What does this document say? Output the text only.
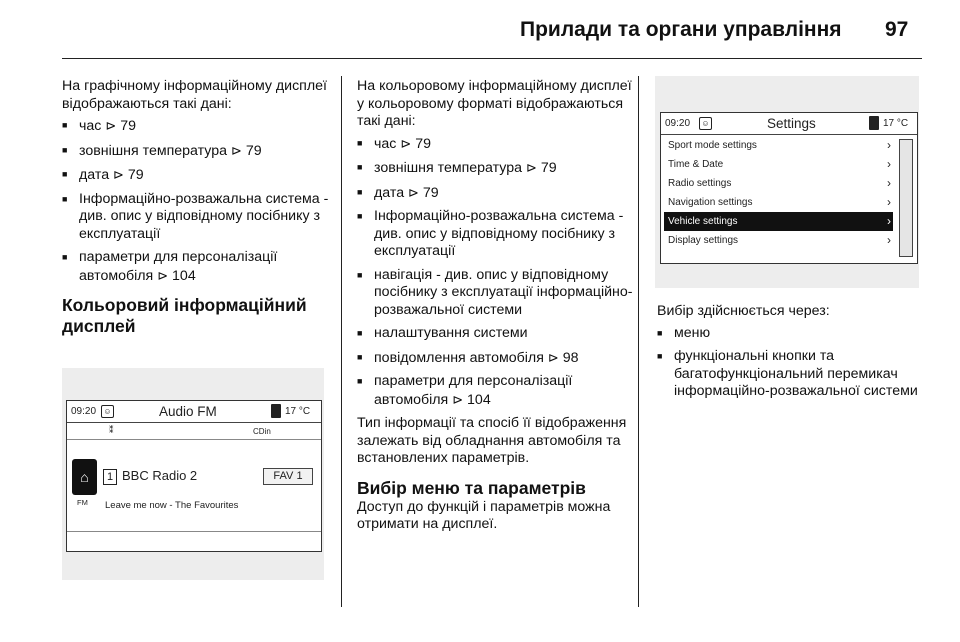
Прилади та органи управління 97

На графічному інформаційному дисплеї відображаються такі дані:

■ час ⊳ 79
■ зовнішня температура ⊳ 79
■ дата ⊳ 79
■ Інформаційно-розважальна система - див. опис у відповідному посібнику з експлуатації
■ параметри для персоналізації автомобіля ⊳ 104
Кольоровий інформаційний дисплей
09:20 ☺	Audio FM	17 °C
⁑	CDin
⌂	1 BBC Radio 2	FAV 1
FM Leave me now - The Favourites

На кольоровому інформаційному дисплеї у кольоровому форматі відображаються такі дані:

■ час ⊳ 79
■ зовнішня температура ⊳ 79
■ дата ⊳ 79
■ Інформаційно-розважальна система - див. опис у відповідному посібнику з експлуатації
■ навігація - див. опис у відповідному посібнику з експлуатації інформаційно-розважальної системи
■ налаштування системи
■ повідомлення автомобіля ⊳ 98
■ параметри для персоналізації автомобіля ⊳ 104

Тип інформації та спосіб її відображення залежать від обладнання автомобіля та встановлених параметрів.

Вибір меню та параметрів

Доступ до функцій і параметрів можна отримати на дисплеї.

09:20	☺	Settings	17 °C
Sport mode settings	›
Time & Date	›
Radio settings	›
Navigation settings	›
Vehicle settings	›
Display settings	›

Вибір здійснюється через:

■ меню
■ функціональні кнопки та багатофункціональний перемикач інформаційно-розважальної системи
